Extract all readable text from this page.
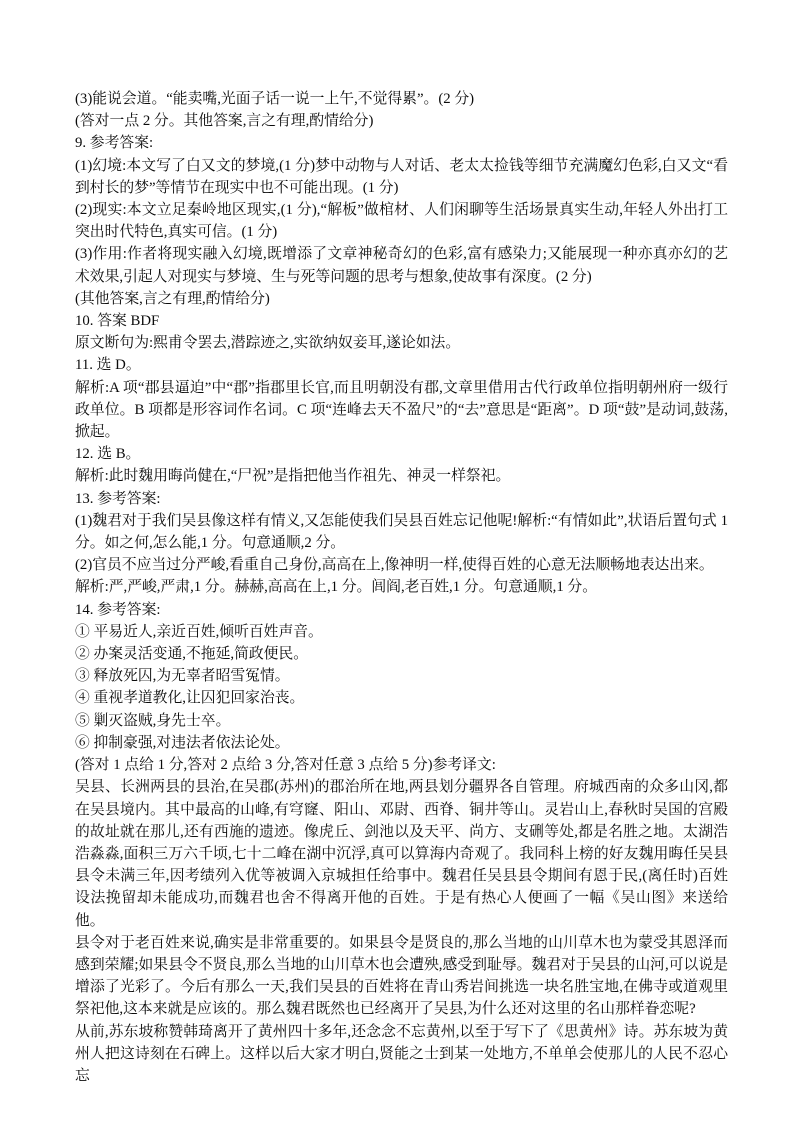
(3)能说会道。“能卖嘴,光面子话一说一上午,不觉得累”。(2 分)

(答对一点 2 分。其他答案,言之有理,酌情给分)

9. 参考答案:

(1)幻境:本文写了白又文的梦境,(1 分)梦中动物与人对话、老太太捡钱等细节充满魔幻色彩,白又文“看到村长的梦”等情节在现实中也不可能出现。(1 分)

(2)现实:本文立足秦岭地区现实,(1 分),“解板”做棺材、人们闲聊等生活场景真实生动,年轻人外出打工突出时代特色,真实可信。(1 分)

(3)作用:作者将现实融入幻境,既增添了文章神秘奇幻的色彩,富有感染力;又能展现一种亦真亦幻的艺术效果,引起人对现实与梦境、生与死等问题的思考与想象,使故事有深度。(2 分)

(其他答案,言之有理,酌情给分)

10. 答案 BDF

原文断句为:熙甫令罢去,潜踪迹之,实欲纳奴妾耳,遂论如法。

11. 选 D。

解析:A 项“郡县逼迫”中“郡”指郡里长官,而且明朝没有郡,文章里借用古代行政单位指明朝州府一级行政单位。B 项都是形容词作名词。C 项“连峰去天不盈尺”的“去”意思是“距离”。D 项“鼓”是动词,鼓荡,掀起。

12. 选 B。

解析:此时魏用晦尚健在,“尸祝”是指把他当作祖先、神灵一样祭祀。

13. 参考答案:

(1)魏君对于我们吴县像这样有情义,又怎能使我们吴县百姓忘记他呢!解析:“有情如此”,状语后置句式 1 分。如之何,怎么能,1 分。句意通顺,2 分。

(2)官员不应当过分严峻,看重自己身份,高高在上,像神明一样,使得百姓的心意无法顺畅地表达出来。

解析:严,严峻,严肃,1 分。赫赫,高高在上,1 分。闾阎,老百姓,1 分。句意通顺,1 分。

14. 参考答案:

① 平易近人,亲近百姓,倾听百姓声音。

② 办案灵活变通,不拖延,简政便民。

③ 释放死囚,为无辜者昭雪冤情。

④ 重视孝道教化,让囚犯回家治丧。

⑤ 剿灭盗贼,身先士卒。

⑥ 抑制豪强,对违法者依法论处。

(答对 1 点给 1 分,答对 2 点给 3 分,答对任意 3 点给 5 分)参考译文:

吴县、长洲两县的县治,在吴郡(苏州)的郡治所在地,两县划分疆界各自管理。府城西南的众多山冈,都在吴县境内。其中最高的山峰,有穹窿、阳山、邓尉、西脊、铜井等山。灵岩山上,春秋时吴国的宫殿的故址就在那儿,还有西施的遗迹。像虎丘、剑池以及天平、尚方、支硎等处,都是名胜之地。太湖浩浩淼淼,面积三万六千顷,七十二峰在湖中沉浮,真可以算海内奇观了。我同科上榜的好友魏用晦任吴县县令未满三年,因考绩列入优等被调入京城担任给事中。魏君任吴县县令期间有恩于民,(离任时)百姓设法挽留却未能成功,而魏君也舍不得离开他的百姓。于是有热心人便画了一幅《吴山图》来送给他。

县令对于老百姓来说,确实是非常重要的。如果县令是贤良的,那么当地的山川草木也为蒙受其恩泽而感到荣耀;如果县令不贤良,那么当地的山川草木也会遭殃,感受到耻辱。魏君对于吴县的山河,可以说是增添了光彩了。今后有那么一天,我们吴县的百姓将在青山秀岩间挑选一块名胜宝地,在佛寺或道观里祭祀他,这本来就是应该的。那么魏君既然也已经离开了吴县,为什么还对这里的名山那样眷恋呢?

从前,苏东坡称赞韩琦离开了黄州四十多年,还念念不忘黄州,以至于写下了《思黄州》诗。苏东坡为黄州人把这诗刻在石碑上。这样以后大家才明白,贤能之士到某一处地方,不单单会使那儿的人民不忍心忘
